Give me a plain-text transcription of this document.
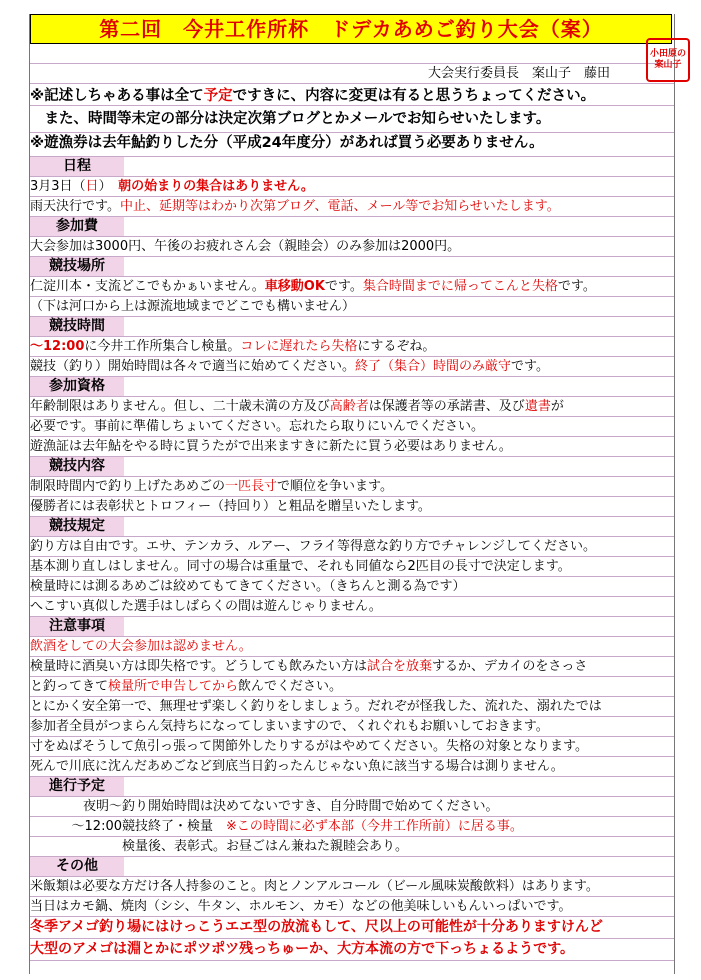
第二回　今井工作所杯　ドデカあめご釣り大会（案）
大会実行委員長　案山子　藤田
※記述しちゃある事は全て予定ですきに、内容に変更は有ると思うちょってください。
　また、時間等未定の部分は決定次第ブログとかメールでお知らせいたします。
※遊漁券は去年鮎釣りした分（平成24年度分）があれば買う必要ありません。
日程
3月3日（日）　朝の始まりの集合はありません。
雨天決行です。中止、延期等はわかり次第ブログ、電話、メール等でお知らせいたします。
参加費
大会参加は3000円、午後のお疲れさん会（親睦会）のみ参加は2000円。
競技場所
仁淀川本・支流どこでもかぁいません。車移動OKです。集合時間までに帰ってこんと失格です。
（下は河口から上は源流地域までどこでも構いません）
競技時間
～12:00に今井工作所集合し検量。コレに遅れたら失格にするぞね。
競技（釣り）開始時間は各々で適当に始めてください。終了（集合）時間のみ厳守です。
参加資格
年齢制限はありません。但し、二十歳未満の方及び高齢者は保護者等の承諾書、及び遺書が
必要です。事前に準備しちょいてください。忘れたら取りにいんでください。
遊漁証は去年鮎をやる時に買うたがで出来ますきに新たに買う必要はありません。
競技内容
制限時間内で釣り上げたあめごの一匹長寸で順位を争います。
優勝者には表彰状とトロフィー（持回り）と粗品を贈呈いたします。
競技規定
釣り方は自由です。エサ、テンカラ、ルアー、フライ等得意な釣り方でチャレンジしてください。
基本測り直しはしません。同寸の場合は重量で、それも同値なら2匹目の長寸で決定します。
検量時には測るあめごは絞めてもてきてください。（きちんと測る為です）
へこすい真似した選手はしばらくの間は遊んじゃりません。
注意事項
飲酒をしての大会参加は認めません。
検量時に酒臭い方は即失格です。どうしても飲みたい方は試合を放棄するか、デカイのをさっさ
と釣ってきて検量所で申告してから飲んでください。
とにかく安全第一で、無理せず楽しく釣りをしましょう。だれぞが怪我した、流れた、溺れたでは
参加者全員がつまらん気持ちになってしまいますので、くれぐれもお願いしておきます。
寸をぬばそうして魚引っ張って関節外したりするがはやめてください。失格の対象となります。
死んで川底に沈んだあめごなど到底当日釣ったんじゃない魚に該当する場合は測りません。
進行予定
夜明～釣り開始時間は決めてないですき、自分時間で始めてください。
～12:00競技終了・検量　※この時間に必ず本部（今井工作所前）に居る事。
検量後、表彰式。お昼ごはん兼ねた親睦会あり。
その他
米飯類は必要な方だけ各人持参のこと。肉とノンアルコール（ビール風味炭酸飲料）はあります。
当日はカモ鍋、焼肉（シシ、牛タン、ホルモン、カモ）などの他美味しいもんいっぱいです。
冬季アメゴ釣り場にはけっこうエエ型の放流もして、尺以上の可能性が十分ありますけんど
大型のアメゴは淵とかにポツポツ残っちゅーか、大方本流の方で下っちょるようです。
小田原の案山子
